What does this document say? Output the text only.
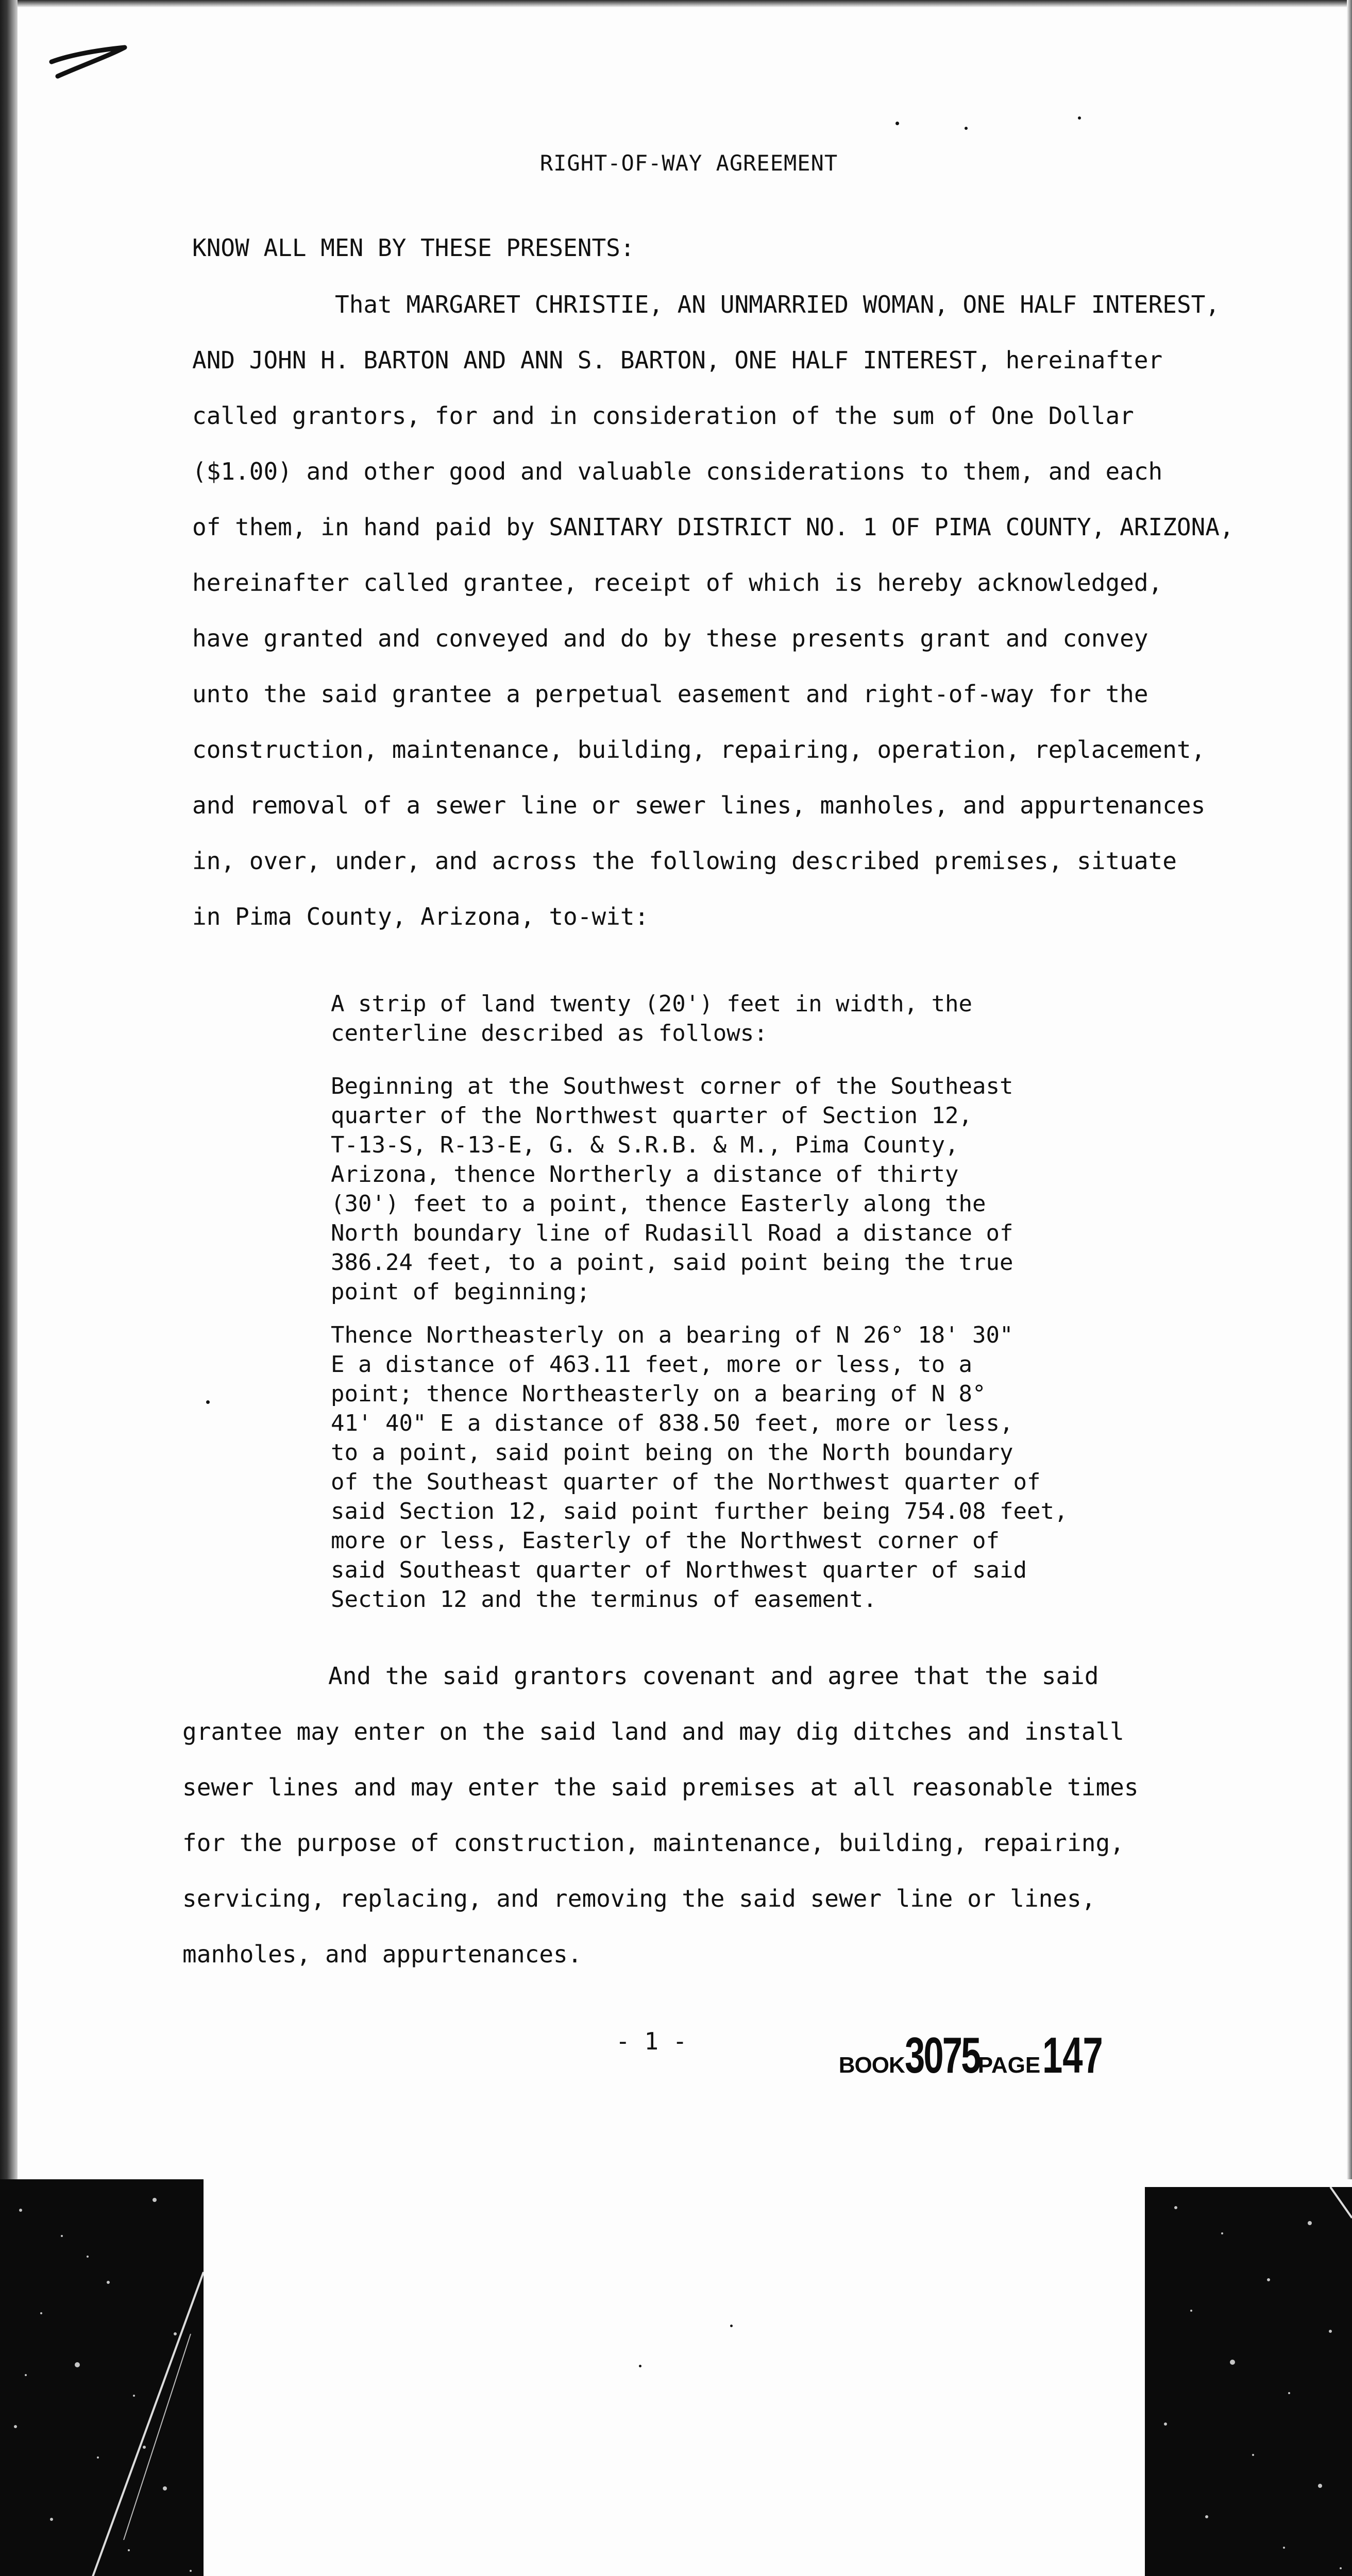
RIGHT-OF-WAY AGREEMENT
KNOW ALL MEN BY THESE PRESENTS:
That MARGARET CHRISTIE, AN UNMARRIED WOMAN, ONE HALF INTEREST,
AND JOHN H. BARTON AND ANN S. BARTON, ONE HALF INTEREST, hereinafter
called grantors, for and in consideration of the sum of One Dollar
($1.00) and other good and valuable considerations to them, and each
of them, in hand paid by SANITARY DISTRICT NO. 1 OF PIMA COUNTY, ARIZONA,
hereinafter called grantee, receipt of which is hereby acknowledged,
have granted and conveyed and do by these presents grant and convey
unto the said grantee a perpetual easement and right-of-way for the
construction, maintenance, building, repairing, operation, replacement,
and removal of a sewer line or sewer lines, manholes, and appurtenances
in, over, under, and across the following described premises, situate
in Pima County, Arizona, to-wit:
A strip of land twenty (20') feet in width, the
centerline described as follows:
Beginning at the Southwest corner of the Southeast
quarter of the Northwest quarter of Section 12,
T-13-S, R-13-E, G. & S.R.B. & M., Pima County,
Arizona, thence Northerly a distance of thirty
(30') feet to a point, thence Easterly along the
North boundary line of Rudasill Road a distance of
386.24 feet, to a point, said point being the true
point of beginning;
Thence Northeasterly on a bearing of N 26° 18' 30"
E a distance of 463.11 feet, more or less, to a
point; thence Northeasterly on a bearing of N 8°
41' 40" E a distance of 838.50 feet, more or less,
to a point, said point being on the North boundary
of the Southeast quarter of the Northwest quarter of
said Section 12, said point further being 754.08 feet,
more or less, Easterly of the Northwest corner of
said Southeast quarter of Northwest quarter of said
Section 12 and the terminus of easement.
And the said grantors covenant and agree that the said
grantee may enter on the said land and may dig ditches and install
sewer lines and may enter the said premises at all reasonable times
for the purpose of construction, maintenance, building, repairing,
servicing, replacing, and removing the said sewer line or lines,
manholes, and appurtenances.
- 1 -

BOOK3075PAGE147
